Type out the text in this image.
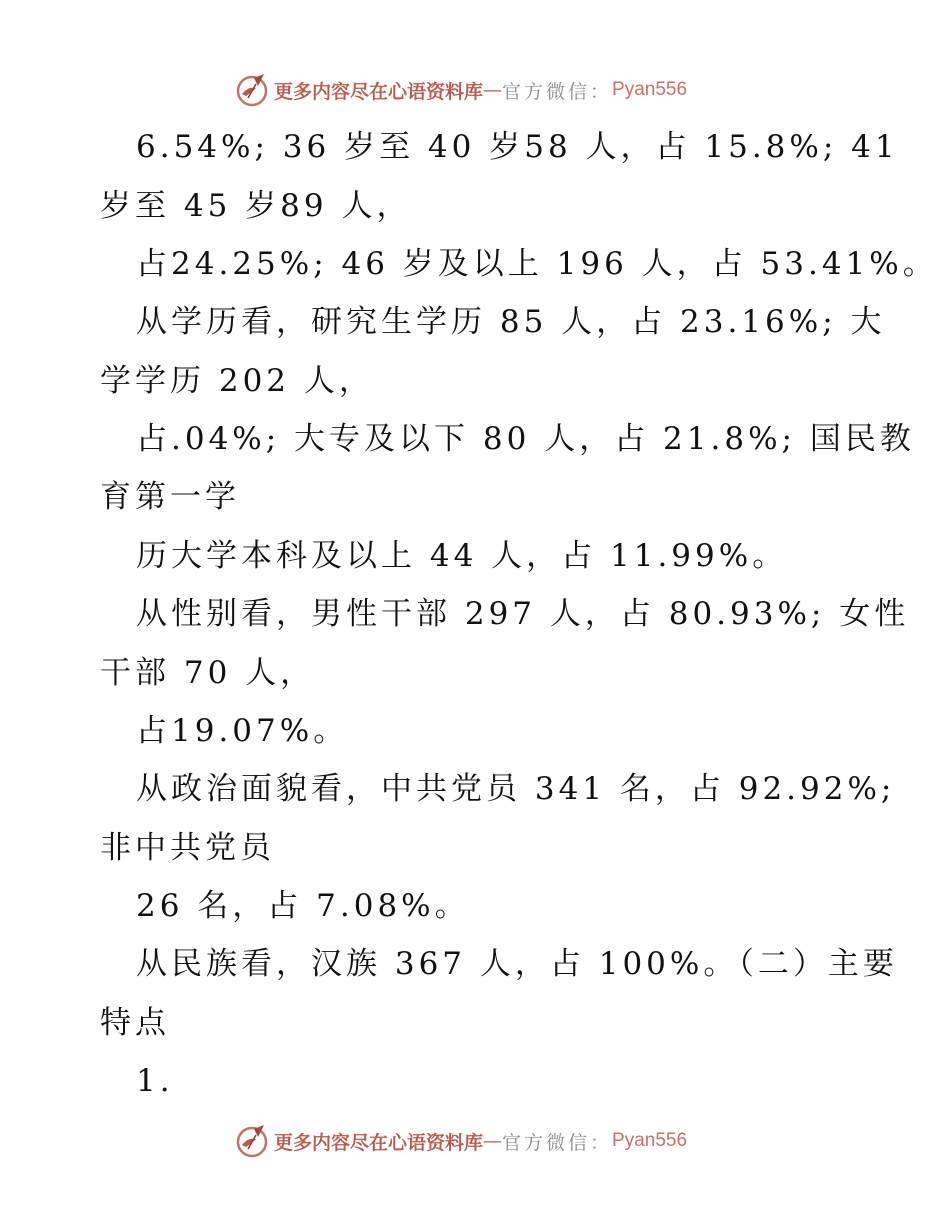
更多内容尽在心语资料库 — 官方微信： Pyan556
6.54%; 36 岁至 40 岁58 人，占 15.8%; 41
岁至 45 岁89 人，
占24.25%; 46 岁及以上 196 人，占 53.41%。
从学历看，研究生学历 85 人，占 23.16%; 大
学学历 202 人，
占.04%; 大专及以下 80 人，占 21.8%; 国民教
育第一学
历大学本科及以上 44 人，占 11.99%。
从性别看，男性干部 297 人，占 80.93%; 女性
干部 70 人，
占19.07%。
从政治面貌看，中共党员 341 名，占 92.92%;
非中共党员
26 名，占 7.08%。
从民族看，汉族 367 人，占 100%。（二）主要
特点
1.
更多内容尽在心语资料库 — 官方微信： Pyan556
